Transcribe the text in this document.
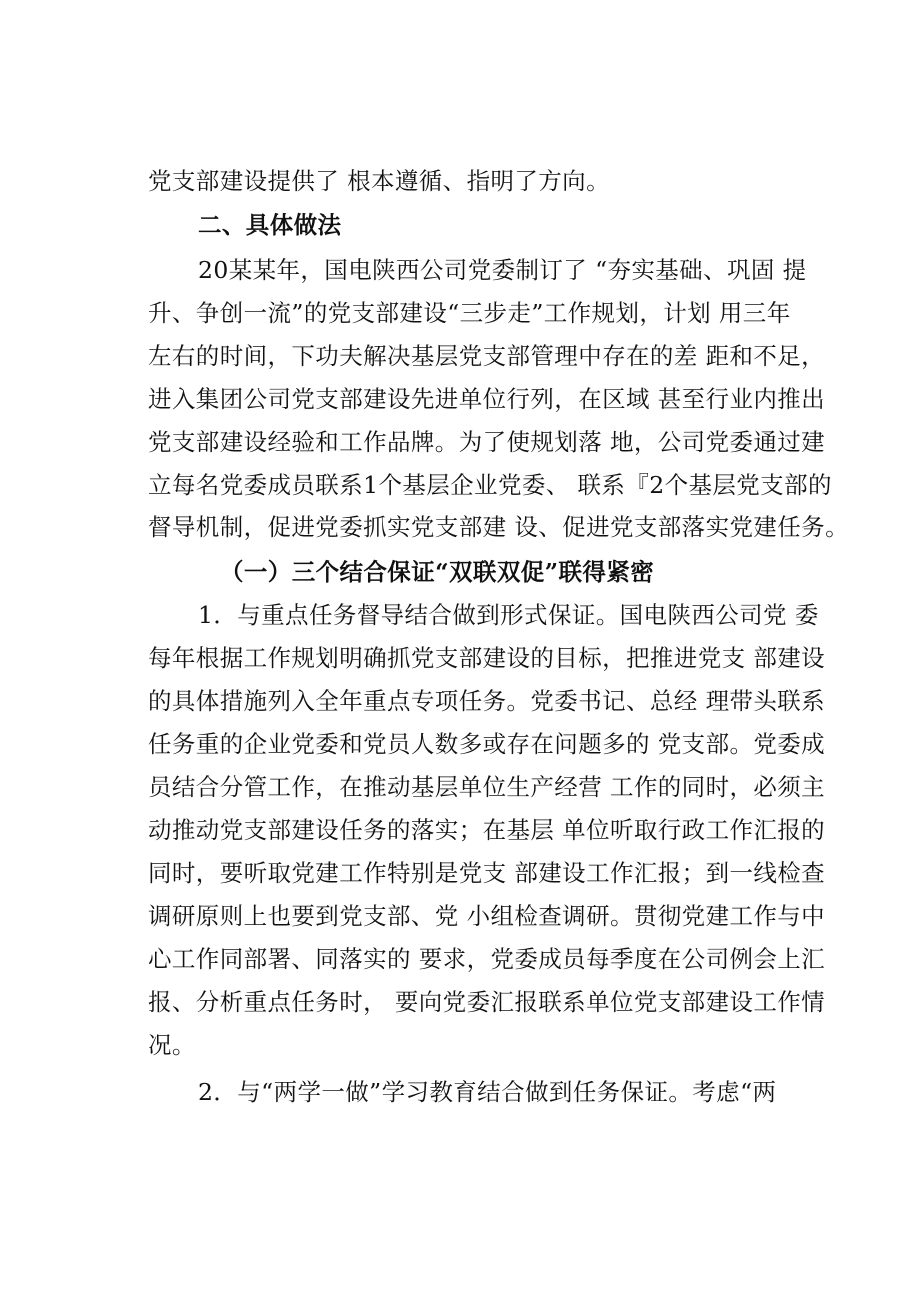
党支部建设提供了 根本遵循、指明了方向。
二、具体做法
20某某年，国电陕西公司党委制订了 “夯实基础、巩固 提
升、争创一流”的党支部建设“三步走”工作规划，计划 用三年
左右的时间，下功夫解决基层党支部管理中存在的差 距和不足，
进入集团公司党支部建设先进单位行列，在区域 甚至行业内推出
党支部建设经验和工作品牌。为了使规划落 地，公司党委通过建
立每名党委成员联系1个基层企业党委、 联系『2个基层党支部的
督导机制，促进党委抓实党支部建 设、促进党支部落实党建任务。
（一）三个结合保证“双联双促”联得紧密
1．与重点任务督导结合做到形式保证。国电陕西公司党 委
每年根据工作规划明确抓党支部建设的目标，把推进党支 部建设
的具体措施列入全年重点专项任务。党委书记、总经 理带头联系
任务重的企业党委和党员人数多或存在问题多的 党支部。党委成
员结合分管工作，在推动基层单位生产经营 工作的同时，必须主
动推动党支部建设任务的落实；在基层 单位听取行政工作汇报的
同时，要听取党建工作特别是党支 部建设工作汇报；到一线检查
调研原则上也要到党支部、党 小组检查调研。贯彻党建工作与中
心工作同部署、同落实的 要求，党委成员每季度在公司例会上汇
报、分析重点任务时， 要向党委汇报联系单位党支部建设工作情
况。
2．与“两学一做”学习教育结合做到任务保证。考虑“两
